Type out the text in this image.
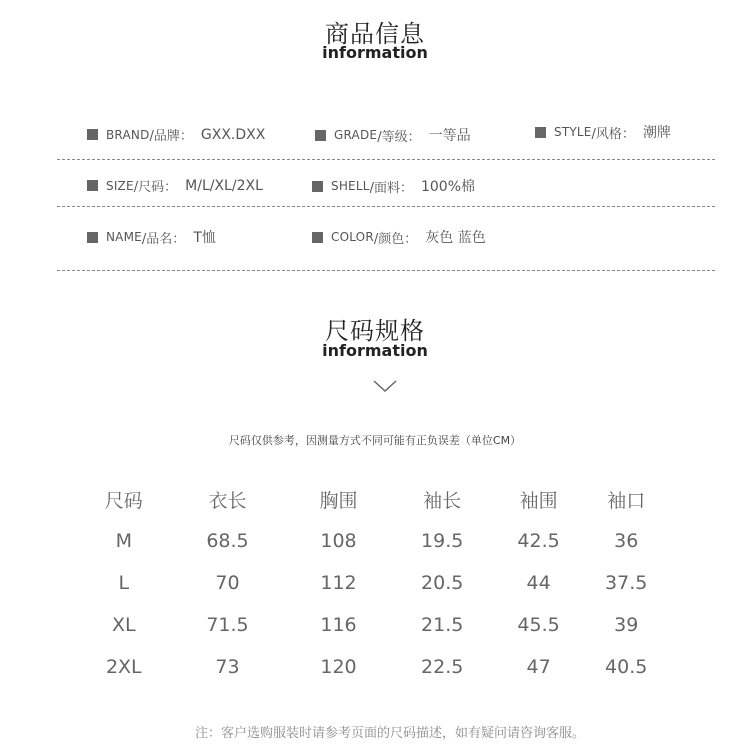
商品信息
information
BRAND /品牌： GXX.DXX	GRADE /等级： 一等品	STYLE /风格： 潮牌
SIZE /尺码： M/L/XL/2XL	SHELL /面料： 100%棉
NAME /品名： T恤	COLOR /颜色： 灰色 蓝色
尺码规格
information
尺码仅供参考，因测量方式不同可能有正负误差（单位CM）
尺码	衣长	胸围	袖长	袖围	袖口
M	68.5	108	19.5	42.5	36
L	70	112	20.5	44	37.5
XL	71.5	116	21.5	45.5	39
2XL	73	120	22.5	47	40.5
注：客户选购服装时请参考页面的尺码描述，如有疑问请咨询客服。
